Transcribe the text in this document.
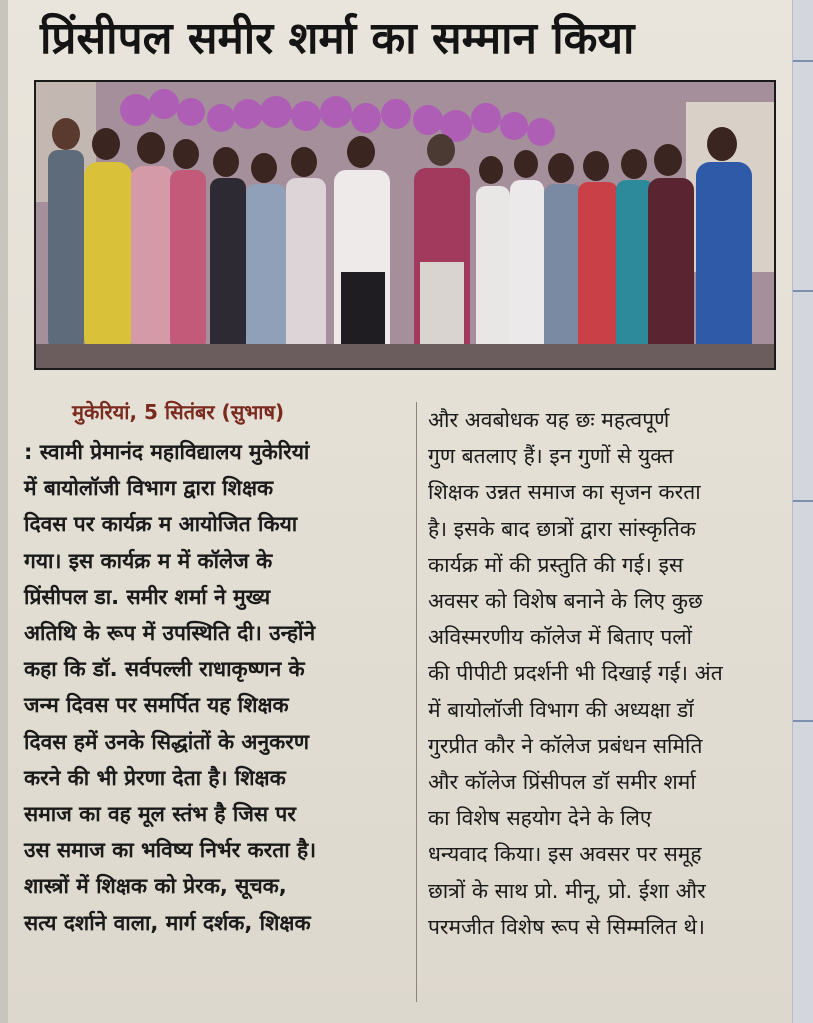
प्रिंसीपल समीर शर्मा का सम्मान किया
मुकेरियां, 5 सितंबर (सुभाष)
: स्वामी प्रेमानंद महाविद्यालय मुकेरियां
में बायोलॉजी विभाग द्वारा शिक्षक
दिवस पर कार्यक्र म आयोजित किया
गया। इस कार्यक्र म में कॉलेज के
प्रिंसीपल डा. समीर शर्मा ने मुख्य
अतिथि के रूप में उपस्थिति दी। उन्होंने
कहा कि डॉ. सर्वपल्ली राधाकृष्णन के
जन्म दिवस पर समर्पित यह शिक्षक
दिवस हमें उनके सिद्धांतों के अनुकरण
करने की भी प्रेरणा देता है। शिक्षक
समाज का वह मूल स्तंभ है जिस पर
उस समाज का भविष्य निर्भर करता है।
शास्त्रों में शिक्षक को प्रेरक, सूचक,
सत्य दर्शाने वाला, मार्ग दर्शक, शिक्षक
और अवबोधक यह छः महत्वपूर्ण
गुण बतलाए हैं। इन गुणों से युक्त
शिक्षक उन्नत समाज का सृजन करता
है। इसके बाद छात्रों द्वारा सांस्कृतिक
कार्यक्र मों की प्रस्तुति की गई। इस
अवसर को विशेष बनाने के लिए कुछ
अविस्मरणीय कॉलेज में बिताए पलों
की पीपीटी प्रदर्शनी भी दिखाई गई। अंत
में बायोलॉजी विभाग की अध्यक्षा डॉ
गुरप्रीत कौर ने कॉलेज प्रबंधन समिति
और कॉलेज प्रिंसीपल डॉ समीर शर्मा
का विशेष सहयोग देने के लिए
धन्यवाद किया। इस अवसर पर समूह
छात्रों के साथ प्रो. मीनू, प्रो. ईशा और
परमजीत विशेष रूप से सिम्मलित थे।
